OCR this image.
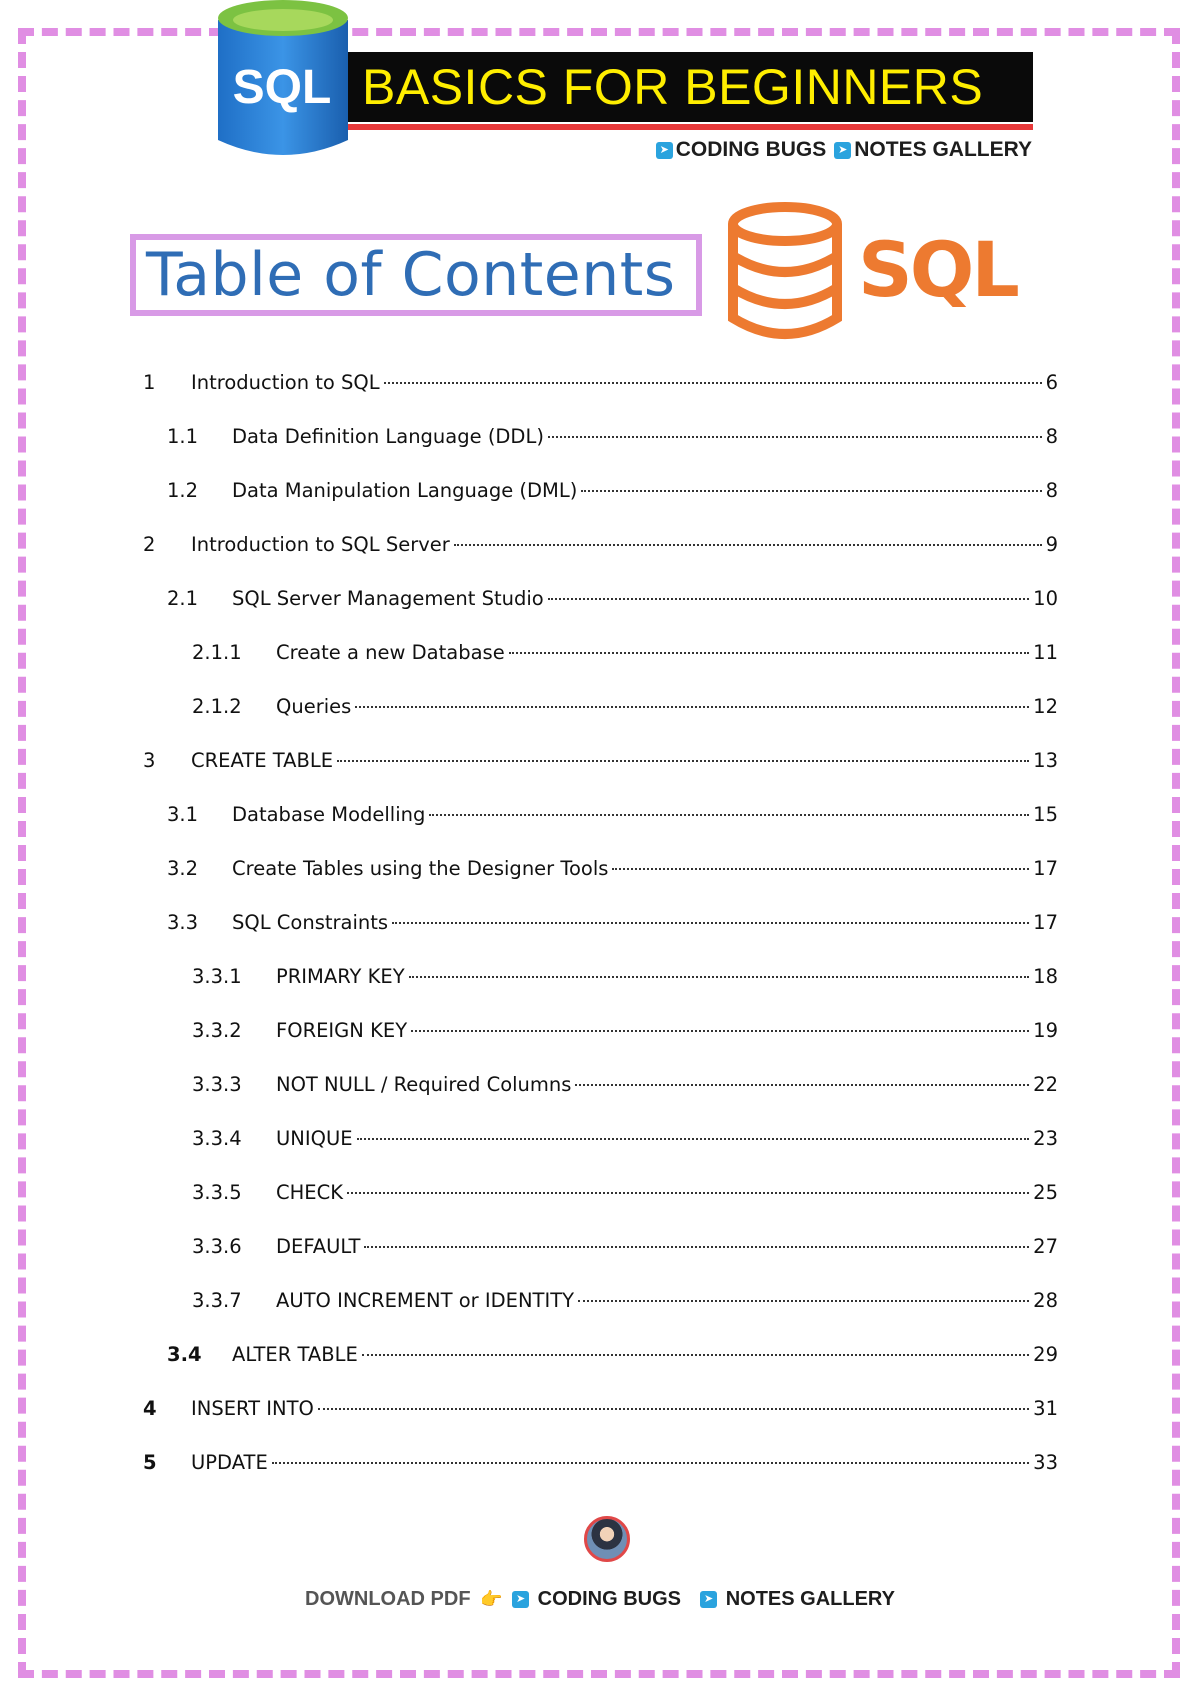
SQL BASICS FOR BEGINNERS
➤ CODING BUGS	➤ NOTES GALLERY
Table of Contents SQL
1 Introduction to SQL	6
1.1 Data Definition Language (DDL)	8
1.2 Data Manipulation Language (DML)	8
2 Introduction to SQL Server	9
2.1 SQL Server Management Studio	10
2.1.1 Create a new Database	11
2.1.2 Queries	12
3 CREATE TABLE	13
3.1 Database Modelling	15
3.2 Create Tables using the Designer Tools	17
3.3 SQL Constraints	17
3.3.1 PRIMARY KEY	18
3.3.2 FOREIGN KEY	19
3.3.3 NOT NULL / Required Columns	22
3.3.4 UNIQUE	23
3.3.5 CHECK	25
3.3.6 DEFAULT	27
3.3.7 AUTO INCREMENT or IDENTITY	28
3.4 ALTER TABLE	29
4 INSERT INTO	31
5 UPDATE	33
DOWNLOAD PDF 👉 ➤ CODING BUGS ➤ NOTES GALLERY
